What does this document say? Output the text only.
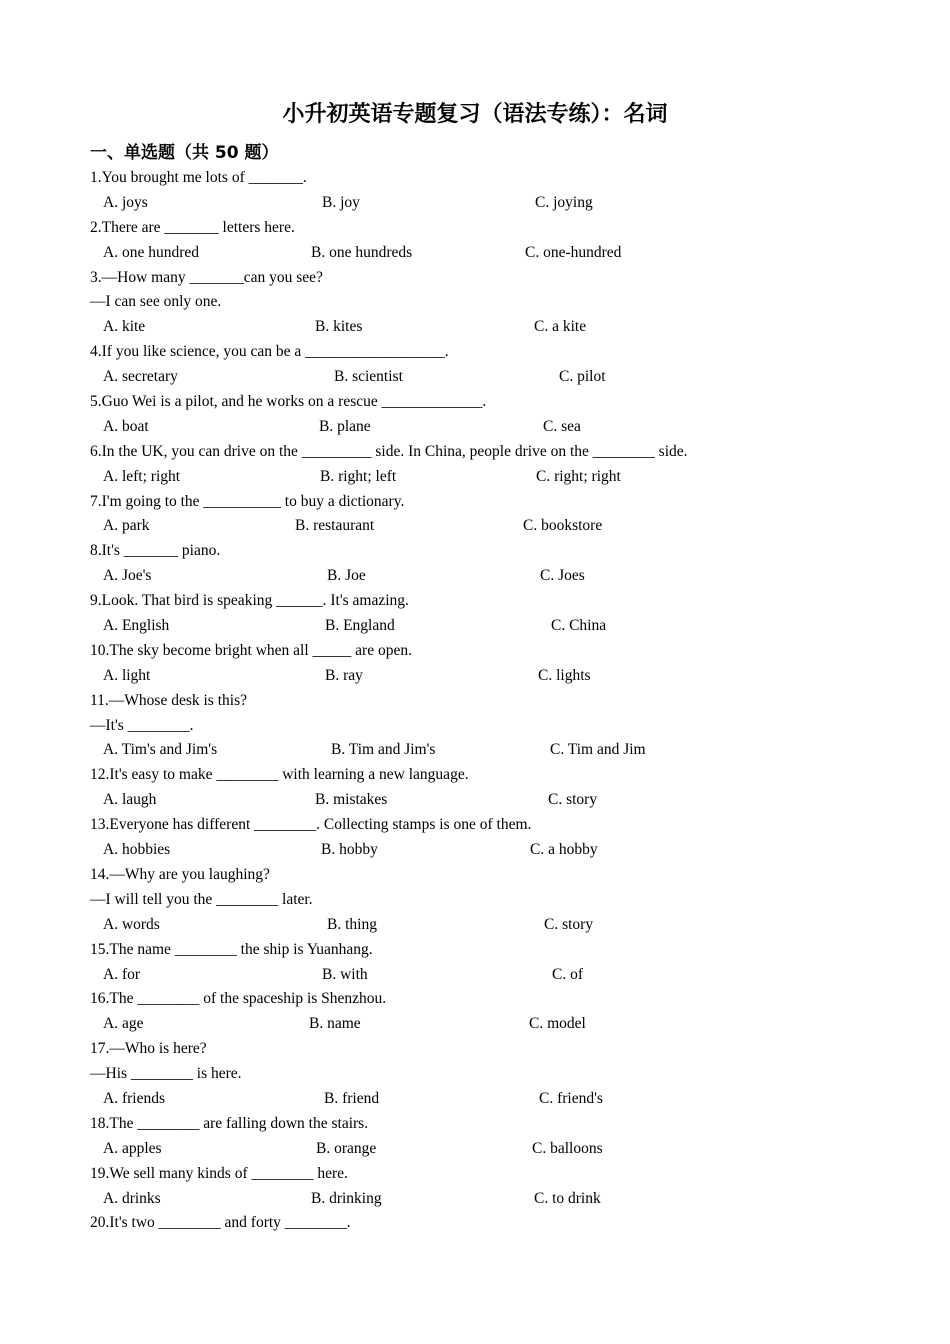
小升初英语专题复习（语法专练）：名词
一、单选题（共 50 题）
1.You brought me lots of _______.
A. joys	B. joy	C. joying
2.There are _______ letters here.
A. one hundred	B. one hundreds	C. one-hundred
3.—How many _______can you see?
—I can see only one.
A. kite	B. kites	C. a kite
4.If you like science, you can be a __________________.
A. secretary	B. scientist	C. pilot
5.Guo Wei is a pilot, and he works on a rescue _____________.
A. boat	B. plane	C. sea
6.In the UK, you can drive on the _________ side. In China, people drive on the ________ side.
A. left; right	B. right; left	C. right; right
7.I'm going to the __________ to buy a dictionary.
A. park	B. restaurant	C. bookstore
8.It's _______ piano.
A. Joe's	B. Joe	C. Joes
9.Look. That bird is speaking ______. It's amazing.
A. English	B. England	C. China
10.The sky become bright when all _____ are open.
A. light	B. ray	C. lights
11.—Whose desk is this?
—It's ________.
A. Tim's and Jim's	B. Tim and Jim's	C. Tim and Jim
12.It's easy to make ________ with learning a new language.
A. laugh	B. mistakes	C. story
13.Everyone has different ________. Collecting stamps is one of them.
A. hobbies	B. hobby	C. a hobby
14.—Why are you laughing?
—I will tell you the ________ later.
A. words	B. thing	C. story
15.The name ________ the ship is Yuanhang.
A. for	B. with	C. of
16.The ________ of the spaceship is Shenzhou.
A. age	B. name	C. model
17.—Who is here?
—His ________ is here.
A. friends	B. friend	C. friend's
18.The ________ are falling down the stairs.
A. apples	B. orange	C. balloons
19.We sell many kinds of ________ here.
A. drinks	B. drinking	C. to drink
20.It's two ________ and forty ________.
